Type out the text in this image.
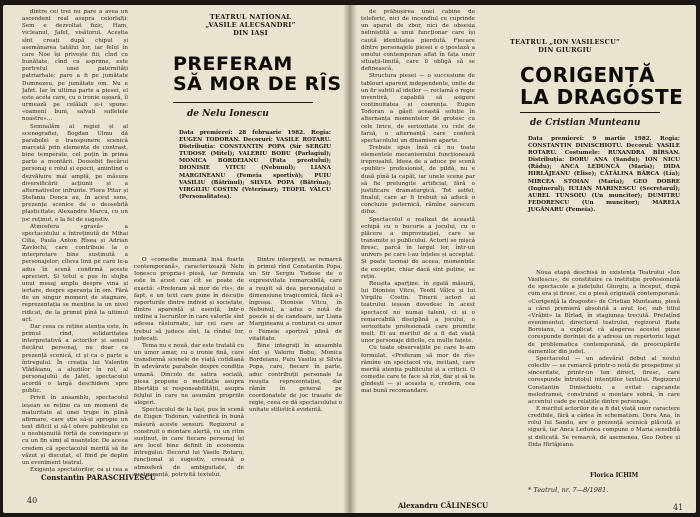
dintre cei trei nu pare a avea un ascendent real asupra celorlalți: Sem e dezvoltat fizic, Ham, vicleanul, Jafet, visătorul. Aceștia sînt creați după chipul și asemănarea tatălui lor, iar felul în care Noe își privește fiii, cînd cu bunătate, cînd cu asprime, este portretul unei paternități patriarhale: pare a fi pe jumătate Dumnezeu, pe jumătate om. Nu e Jafet. Iar în ultima parte a piesei, el este acela care, cu o ironie ușoară, îl urmează pe celălalt și-i spune: «oameni buni, salvați sufletele noastre»...

Semnalăm al regiei și al scenografiei, Bogdan Ulmu dă parabolei o transpunere scenică marcată prin elemente de contrast, bine temperate, cel puțin în prima parte a montării. Deosebit fiecărui personaj e rolul și epocii, amintind o dezvăluire mai amplă, pe măsura diversificării acțiunii și a alternativelor infrunte. Flora Pitar și Ștefania Donca au, în acest sens, prezențe scenice de o deosebită plasticitate; Alexandru Marcu, cu un joc reținut, e la fel de sugestiv.

Atmosfera «gravă» a spectacolului e întreținută de Mihai Cilia, Paula Anton Rîsea și Adrian Zavlochi, care contribuie la o interpretare bine susținută a personajelor; cîteva linii pe care le-a adus în scenă confirmă aceste aprecieri. Și totul e pus în slujba unui mesaj amplu despre vina și iertare, despre speranța în om. Fără de un singur moment de stagnare, reprezentația se menține la un nivel ridicat, de la primul pînă la ultimul act.

Dar ceea ce reține atenția este, în primul rînd, solidaritatea interpretativă a actorilor și sensul fiecărui personaj, nu doar ca prezență scenică, ci și ca o parte a întregului. În creația lui Valentin Vlădăianu, a aluziilor în rol, al personajului de Jafet, spectacolul acordă o largă deschidere spre public.

Privit în ansamblu, spectacolul ieșean se reține ca un moment de maturitate al unei trupe în plină afirmare, care știe să-și apropie un text dificil și să-l ofere publicului cu o neobișnuită forță de convingere și cu un fin simț al nuanțelor. De aceea credem că spectacolul merită să fie văzut și discutat, el fiind pe deplin un eveniment teatral.

Exigența spectatorilor, ca și cea a

Constantin PARASCHIVESCU
40
TEATRUL NAȚIONAL „VASILE ALECSANDRI” DIN IAȘI
PREFERAM
SĂ MOR DE RÎS
de Nelu Ionescu
Data premierei: 28 februarie 1982. Regia: EUGEN TODORAN. Decoruri: VASILE ROTARU. Distribuția: CONSTANTIN POPA (Sir SERGIU TUDOSE (Mitel); VALERIU BOBU (Parlagiul); MONICA BORDEIANU (Fata preotului); DIONISIE VITCU (Nebunul); LIANA MARGINEANU (Femeia sportivă); PUIU VASILIU (Bătrînul); SILVIA POPA (Bătrîna); VIRGILIU COSTIN (Veterinar); TEOFIL VÂLCU (Personalitatea).

O «comedie inumană însă foarte contemporană», caracterizează Nelu Ionescu propria-i piesă, iar formula este în acest caz cît se poate de exactă: «Preferam să mor de rîs», de fapt, e un text care pune în discuție raporturile dintre individ și societate, dintre aparență și esență, într-o ordine a lucrurilor în care valorile sînt adesea răsturnate, iar cei care ar trebui să judece sînt, la rîndul lor, judecați.

Tema nu e nouă, dar este tratată cu un umor amar, cu o ironie fină, care transformă scenele de viață cotidiană în adevărate parabole despre condiția umană. Dincolo de satira socială, piesa propune o meditație asupra libertății și responsabilității, asupra felului în care ne asumăm propriile alegeri.

Spectacolul de la Iași, pus în scenă de Eugen Todoran, valorifică în bună măsură aceste sensuri. Regizorul a construit o montare alertă, cu un ritm susținut, în care fiecare personaj își are locul bine definit în economia întregului. Decorul lui Vasile Rotaru, funcțional și sugestiv, creează o atmosferă de ambiguitate, de nesiguranță, potrivită textului.

Dintre interpreți, se remarcă în primul rînd Constantin Popa, un Sir Sergiu Tudose de o expresivitate remarcabilă, care a reușit să dea personajului o dimensiune tragicomică, fără a-l îngroșa. Dionisie Vitcu, în Nebunul, a adus o notă de poezie și de candoare, iar Liana Margineanu a conturat cu umor o Femeie sportivă plină de vitalitate.

Bine integrați în ansamblu sînt și Valeriu Bobu, Monica Bordeianu, Puiu Vasiliu și Silvia Popa, care, fiecare în parte, aduc contribuții personale la reușita reprezentației, dar rămîn în general pe coordonatele de joc trasate de regie, ceea ce dă spectacolului o unitate stilistică evidentă.

de prăbușirea unei cabine de teleferic, nici de incendiul ce cuprinde un aparat de zbor, nici de obsesia neliniștită a unui funcționar care își caută identitatea pierdută. Fiecare dintre personajele piesei e o ipostază a omului contemporan aflat în fața unor situații-limită, care îl obligă să se definească.

Structura piesei — o succesiune de tablouri aparent independente, unite de un fir subtil al ideilor — reclamă o regie inventivă, capabilă să asigure continuitatea și coerența. Eugen Todoran a găsit această soluție în alternanța momentelor de grotesc cu cele lirice, de seriozitate cu cele de farsă, o alternanță care conferă spectacolului un dinamism aparte.

Trebuie spus însă că nu toate elementele mecanismului funcționează ireproșabil. Ideea de a aduce pe scenă «public» profesionist, de pildă, nu e dusă pînă la capăt, iar unele scene par să fie prelungite artificial, fără o justificare dramaturgică. Tot astfel, finalul, care ar fi trebuit să aducă o concluzie puternică, rămîne oarecum difuz.

Spectacolul e realizat de această echipă cu o bucurie a jocului, cu o plăcere a improvizației, care se transmite și publicului. Actorii se mișcă firesc, parcă în largul lor, într-un univers pe care l-au înțeles și acceptat. Și poate tocmai de aceea, momentele de excepție, chiar dacă sînt puține, se rețin.

Reușita aparține, în egală măsură, lui Dionisie Vitcu, Teofil Vâlcu și lui Virgiliu Costin. Tinerii actori ai teatrului ieșean dovedesc în acest spectacol nu numai talent, ci și o remarcabilă disciplină a jocului, o seriozitate profesională care promite mult. Ei au meritul de a fi dat viață unor personaje dificile, cu multe fațete.

Cu toate observațiile pe care le-am formulat, «Preferam să mor de rîs» rămîne un spectacol viu, incitant, care merită atenția publicului și a criticii. O comedie care te face să rîzi, dar și să te gîndești — și aceasta e, credem, cea mai bună recomandare.

Alexandru CĂLINESCU
TEATRUL „ION VASILESCU” DIN GIURGIU
CORIGENȚĂ
LA DRAGOSTE
de Cristian Munteanu
Data premierei: 9 martie 1982. Regia: CONSTANTIN DINISCHIOTU. Decorul: VASILE ROTARU. Costumele: RUXANDRA BÎRSAN. Distribuția: DORU ANA (Sandu); ION NICU (Rădu); ANCA LEDUNCĂ (Maria); DIDA HIRLĂJEANU (Elise); CĂTĂLINA BÂRCA (Lia); MIRCEA STOIAN (Maria); GEO DOBRE (Inginerul); IULIAN MARINESCU (Secretarul); AUREL TUNSOIU (Un muncitor); DUMITRU FEDORENCU (Un muncitor); MARELA JUGĂNARU (Femeia).

Noua etapă deschisă în existența Teatrului «Ion Vasilescu», de constituire ca instituție profesionistă de spectacole a județului Giurgiu, a început, după cum era și firesc, cu o piesă originală contemporană: «Corigență la dragoste» de Cristian Munteanu, piesă a cărei premieră absolută a avut loc, sub titlul «Vrăbii» la Bîrlad, în stagiunea trecută. Prefațînd evenimentul, directorul teatrului, regizorul Radu Boroianu, a explicat că alegerea acestei piese corespunde dorinței de a adresa un repertoriu legat de problematica contemporană, de preocupările oamenilor din județ.

Spectacolul — un adevărat debut al noului colectiv — se remarcă printr-o notă de prospețime și sinceritate, printr-un ton direct, firesc, care corespunde întrutotul intențiilor textului. Regizorul Constantin Dinischiotu a evitat capcanele melodramei, construind o montare sobră, în care accentul cade pe relațiile dintre personaje.

E meritul actorilor de a fi dat viață unor caractere credibile, fără a cădea în schematism. Doru Ana, în rolul lui Sandu, are o prezență scenică plăcută și sigură, iar Anca Ledunca compune o Maria sensibilă și delicată. Se remarcă, de asemenea, Geo Dobre și Dida Hirlăjeanu.

Florica ICHIM
* Teatrul, nr. 7—8/1981.
41
